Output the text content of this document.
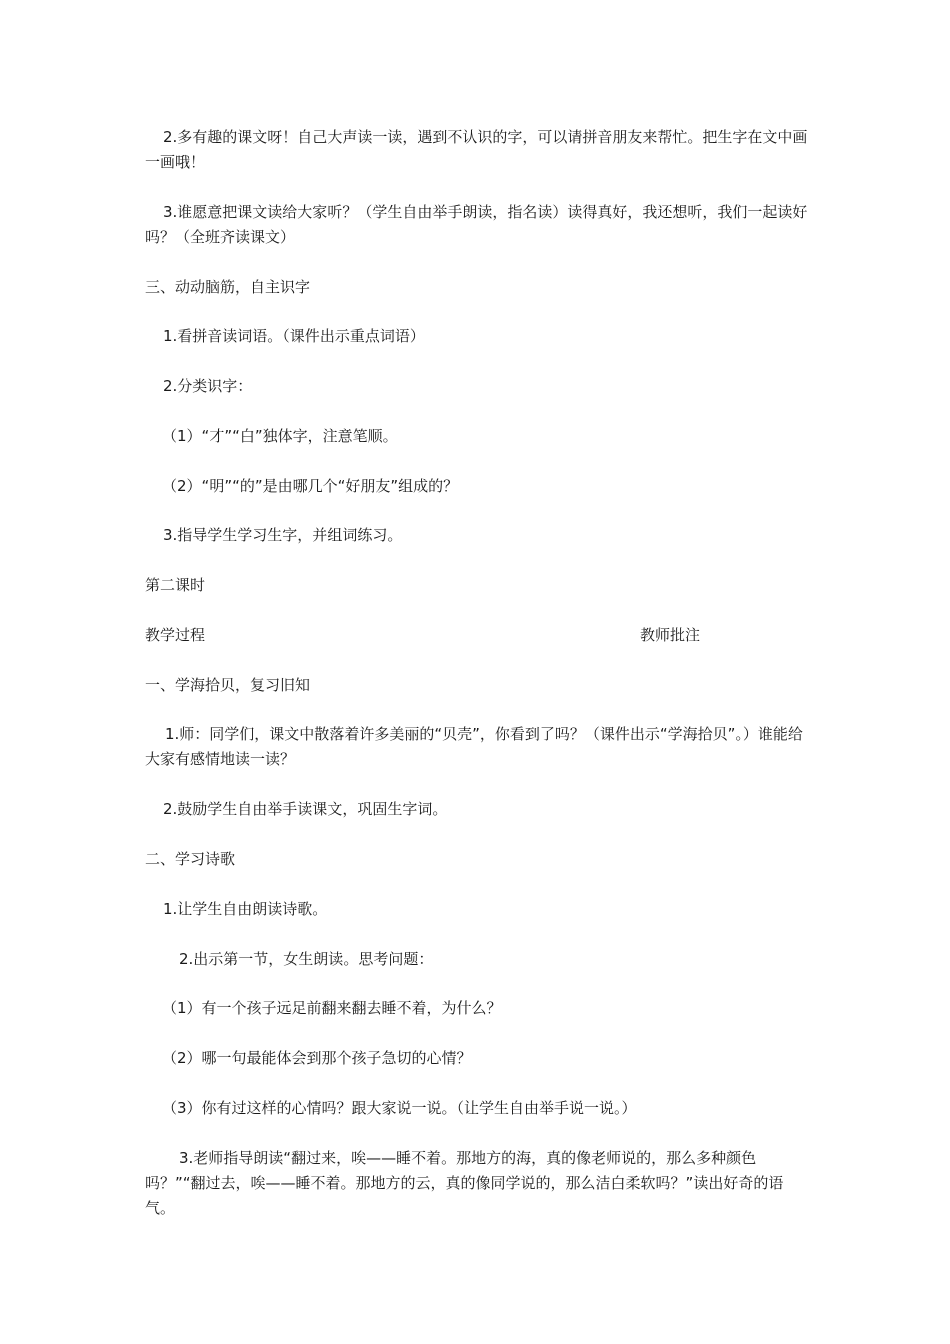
2.多有趣的课文呀！自己大声读一读，遇到不认识的字，可以请拼音朋友来帮忙。把生字在文中画一画哦！

3.谁愿意把课文读给大家听？（学生自由举手朗读，指名读）读得真好，我还想听，我们一起读好吗？（全班齐读课文）

三、动动脑筋，自主识字

1.看拼音读词语。（课件出示重点词语）

2.分类识字：

（1）“才”“白”独体字，注意笔顺。

（2）“明”“的”是由哪几个“好朋友”组成的？

3.指导学生学习生字，并组词练习。

第二课时

教学过程	教师批注

一、学海拾贝，复习旧知

1.师：同学们，课文中散落着许多美丽的“贝壳”，你看到了吗？（课件出示“学海拾贝”。）谁能给大家有感情地读一读？

2.鼓励学生自由举手读课文，巩固生字词。

二、学习诗歌

1.让学生自由朗读诗歌。

2.出示第一节，女生朗读。思考问题：

（1）有一个孩子远足前翻来翻去睡不着，为什么？

（2）哪一句最能体会到那个孩子急切的心情？

（3）你有过这样的心情吗？跟大家说一说。（让学生自由举手说一说。）

3.老师指导朗读“翻过来，唉——睡不着。那地方的海，真的像老师说的，那么多种颜色吗？”“翻过去，唉——睡不着。那地方的云，真的像同学说的，那么洁白柔软吗？”读出好奇的语气。
